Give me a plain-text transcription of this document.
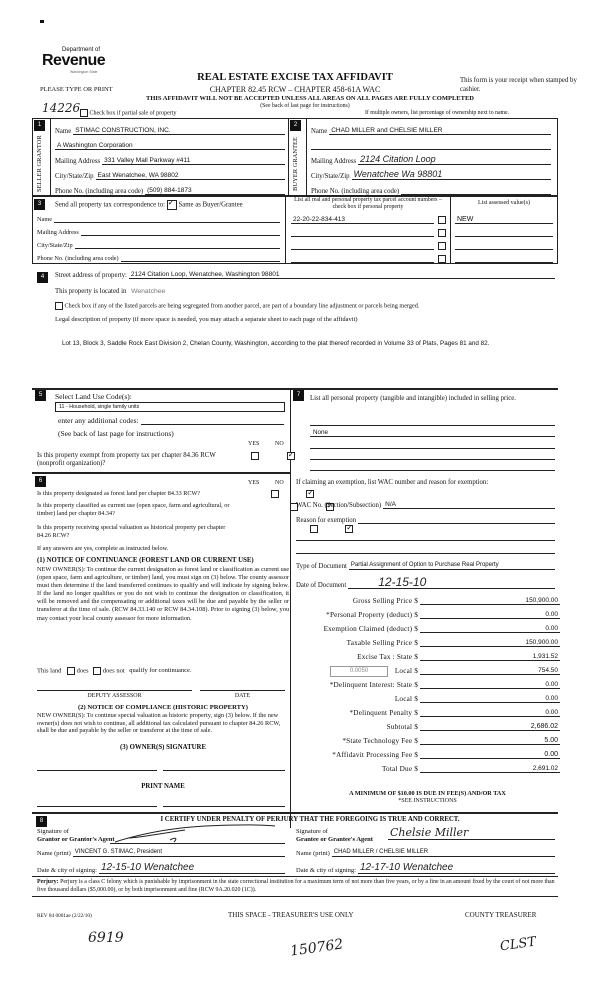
Department of
Revenue
Washington State
PLEASE TYPE OR PRINT
REAL ESTATE EXCISE TAX AFFIDAVIT
CHAPTER 82.45 RCW – CHAPTER 458-61A WAC
This form is your receipt when stamped by cashier.
THIS AFFIDAVIT WILL NOT BE ACCEPTED UNLESS ALL AREAS ON ALL PAGES ARE FULLY COMPLETED
(See back of last page for instructions)
14226	Check box if partial sale of property	If multiple owners, list percentage of ownership next to name.
1
SELLER GRANTOR
Name STIMAC CONSTRUCTION, INC.
A Washington Corporation
Mailing Address 331 Valley Mall Parkway #411
City/State/Zip East Wenatchee, WA 98802
Phone No. (including area code) (509) 884-1873
2
BUYER GRANTEE
Name CHAD MILLER and CHELSIE MILLER
Mailing Address 2124 Citation Loop
City/State/Zip Wenatchee Wa 98801
Phone No. (including area code)
3	Send all property tax correspondence to: ✓ Same as Buyer/Grantee
Name
Mailing Address
City/State/Zip
Phone No. (including area code)
List all real and personal property tax parcel account numbers – check box if personal property
List assessed value(s)
22-20-22-834-413	NEW
4	Street address of property: 2124 Citation Loop, Wenatchee, Washington 98801
This property is located in Wenatchee
Check box if any of the listed parcels are being segregated from another parcel, are part of a boundary line adjustment or parcels being merged.
Legal description of property (if more space is needed, you may attach a separate sheet to each page of the affidavit)
Lot 13, Block 3, Saddle Rock East Division 2, Chelan County, Washington, according to the plat thereof recorded in Volume 33 of Plats, Pages 81 and 82.
5	Select Land Use Code(s):
11 - Household, single family units
enter any additional codes:
(See back of last page for instructions)
YES	NO
Is this property exempt from property tax per chapter 84.36 RCW (nonprofit organization)?
✓
6	YES	NO
Is this property designated as forest land per chapter 84.33 RCW?
✓
Is this property classified as current use (open space, farm and agricultural, or timber) land per chapter 84.34?
✓
Is this property receiving special valuation as historical property per chapter 84.26 RCW?
✓
If any answers are yes, complete as instructed below.
(1) NOTICE OF CONTINUANCE (FOREST LAND OR CURRENT USE)
NEW OWNER(S): To continue the current designation as forest land or classification as current use (open space, farm and agriculture, or timber) land, you must sign on (3) below. The county assessor must then determine if the land transferred continues to qualify and will indicate by signing below. If the land no longer qualifies or you do not wish to continue the designation or classification, it will be removed and the compensating or additional taxes will be due and payable by the seller or transferor at the time of sale. (RCW 84.33.140 or RCW 84.34.108). Prior to signing (3) below, you may contact your local county assessor for more information.
This land does does not qualify for continuance.
DEPUTY ASSESSOR	DATE
(2) NOTICE OF COMPLIANCE (HISTORIC PROPERTY)
NEW OWNER(S): To continue special valuation as historic property, sign (3) below. If the new owner(s) does not wish to continue, all additional tax calculated pursuant to chapter 84.26 RCW, shall be due and payable by the seller or transferor at the time of sale.
(3) OWNER(S) SIGNATURE
PRINT NAME
7	List all personal property (tangible and intangible) included in selling price.
None
If claiming an exemption, list WAC number and reason for exemption:
WAC No. (Section/Subsection) N/A
Reason for exemption
Type of Document Partial Assignment of Option to Purchase Real Property
Date of Document	12-15-10
Gross Selling Price $	150,900.00
*Personal Property (deduct) $	0.00
Exemption Claimed (deduct) $	0.00
Taxable Selling Price $	150,900.00
Excise Tax : State $	1,931.52
0.0050	Local $	754.50
*Delinquent Interest: State $	0.00
Local $	0.00
*Delinquent Penalty $	0.00
Subtotal $	2,686.02
*State Technology Fee $	5.00
*Affidavit Processing Fee $	0.00
Total Due $	2,691.02
A MINIMUM OF $10.00 IS DUE IN FEE(S) AND/OR TAX
*SEE INSTRUCTIONS
8	I CERTIFY UNDER PENALTY OF PERJURY THAT THE FOREGOING IS TRUE AND CORRECT.
Signature of
Grantor or Grantor's Agent
Name (print) VINCENT G. STIMAC, President
Date & city of signing: 12-15-10 Wenatchee
Signature of
Grantee or Grantee's Agent
Chelsie Miller
Name (print) CHAD MILLER / CHELSIE MILLER
Date & city of signing: 12-17-10 Wenatchee
Perjury: Perjury is a class C felony which is punishable by imprisonment in the state correctional institution for a maximum term of not more than five years, or by a fine in an amount fixed by the court of not more than five thousand dollars ($5,000.00), or by both imprisonment and fine (RCW 9A.20.020 (1C)).
REV 84 0001ae (2/22/10)	THIS SPACE - TREASURER'S USE ONLY	COUNTY TREASURER
6919	150762	CLST
